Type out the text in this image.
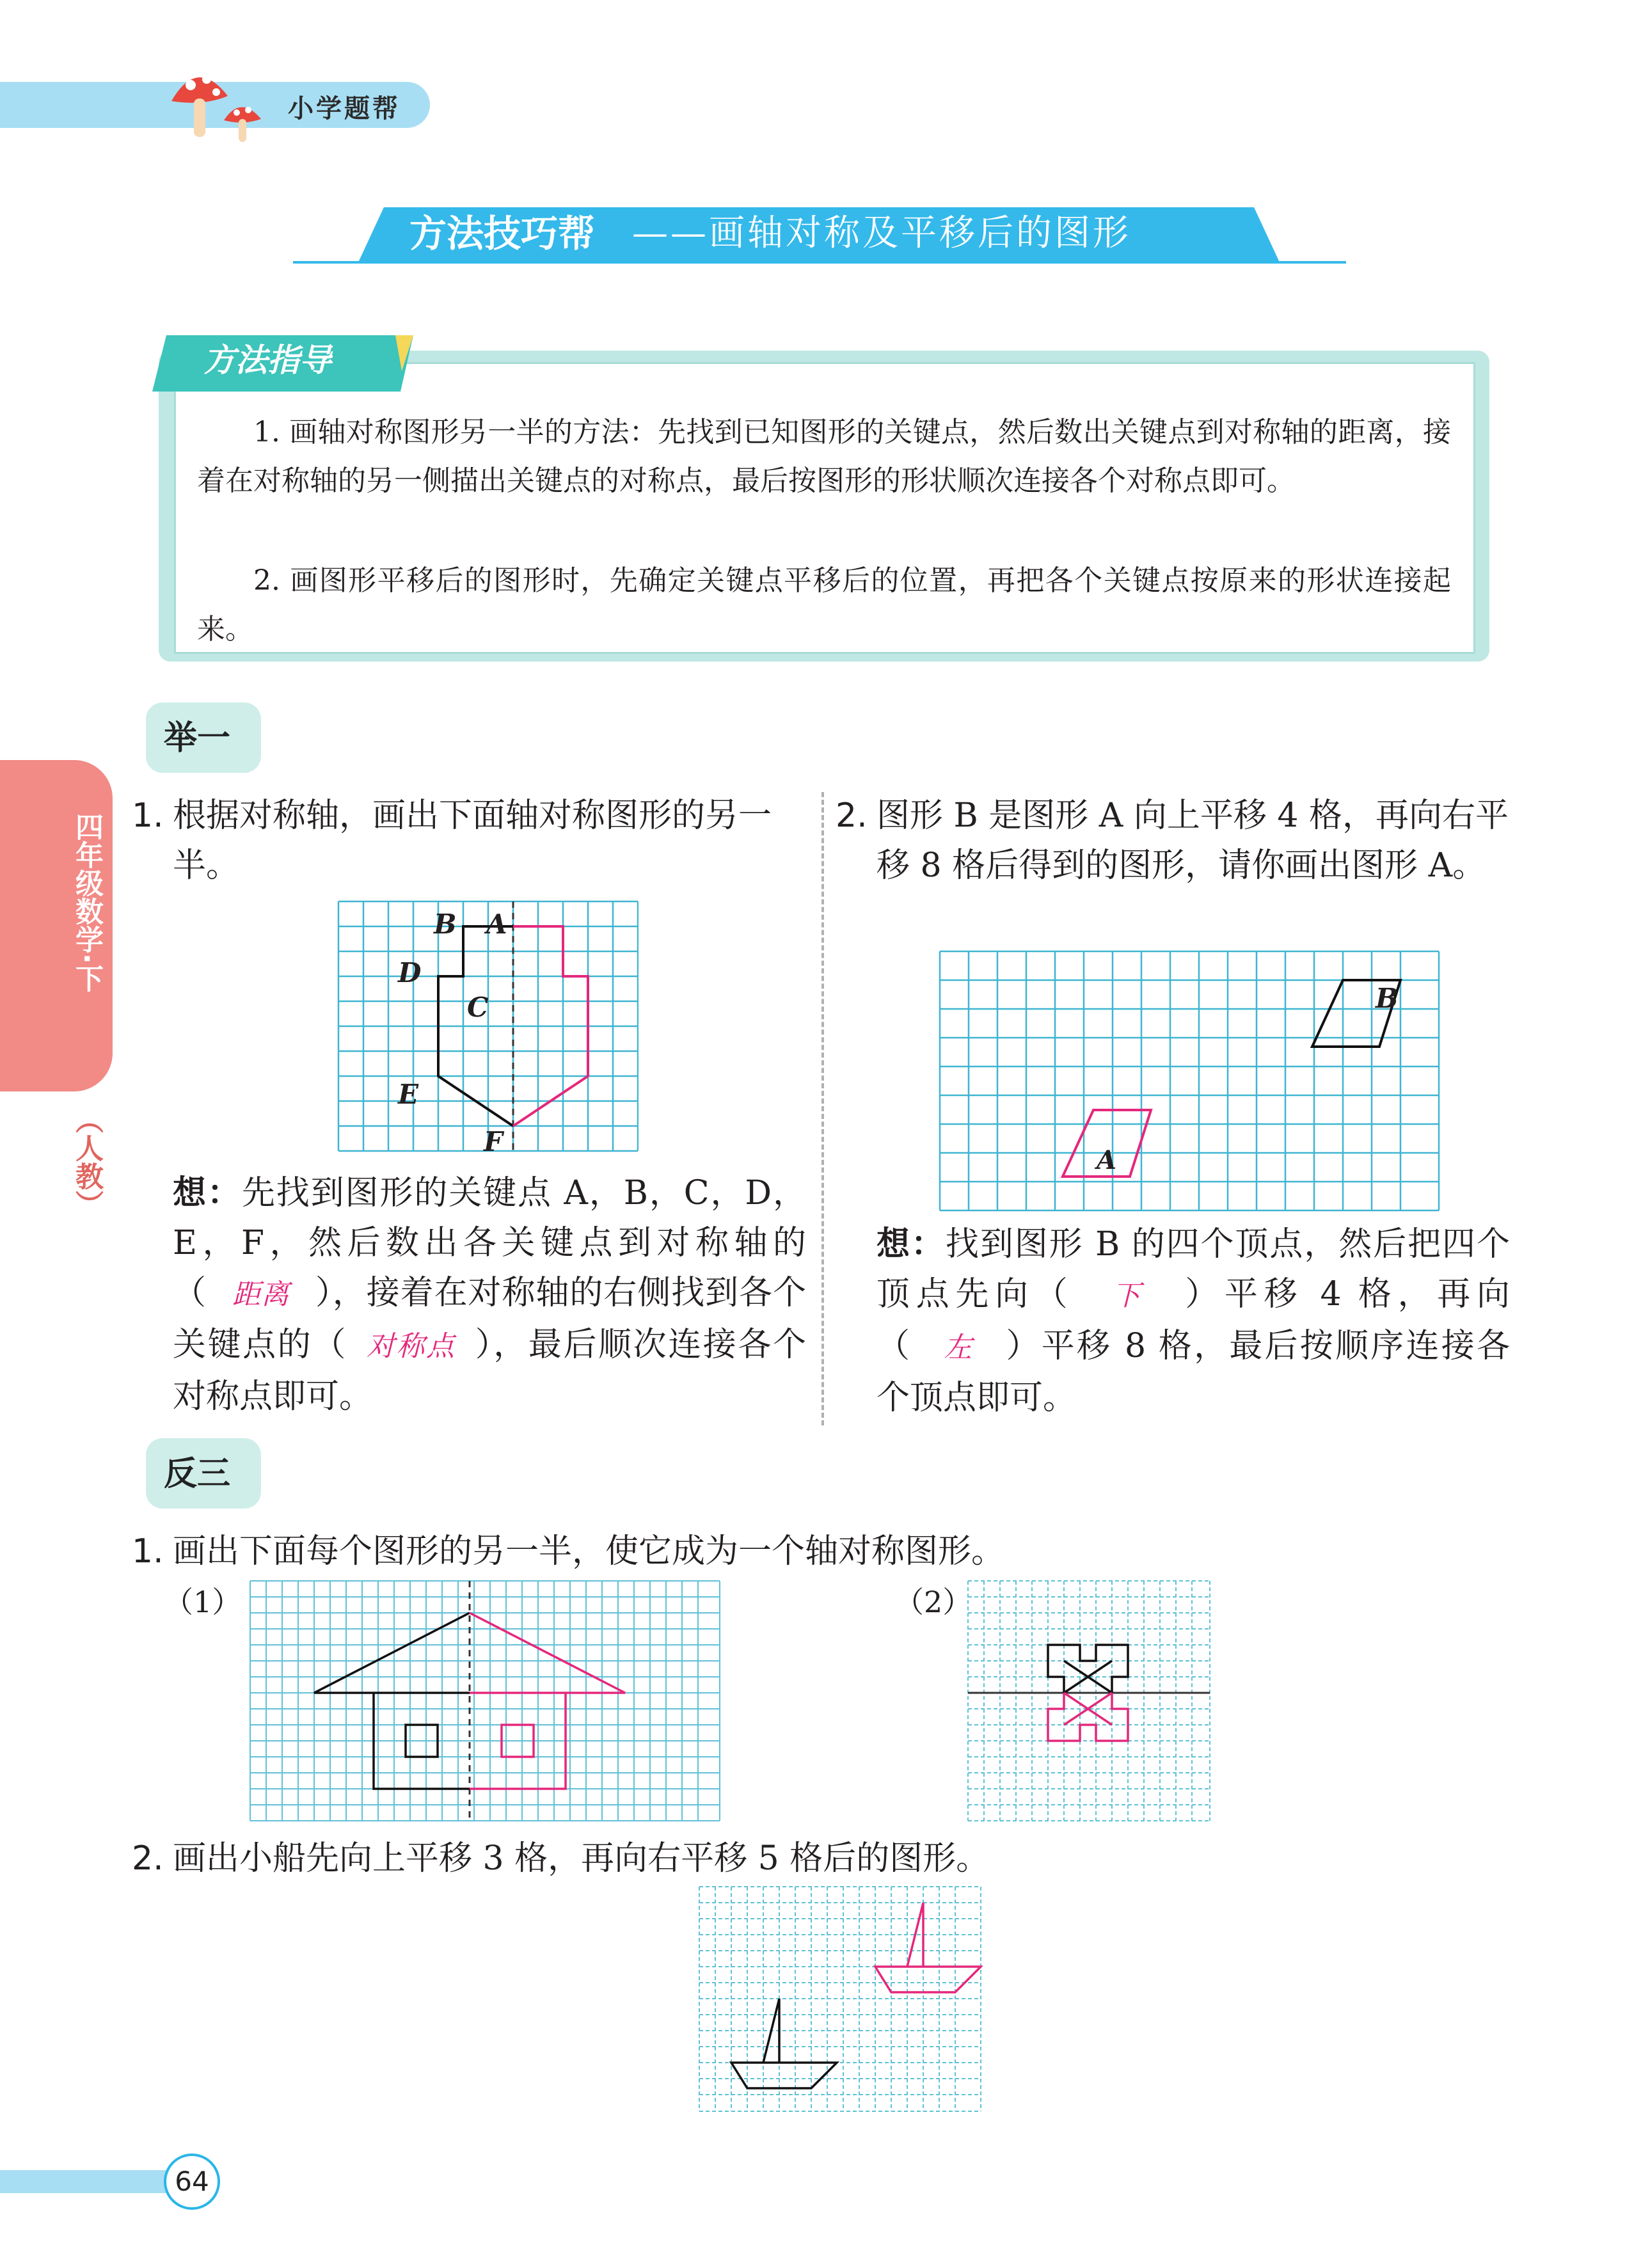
小学题帮
方法技巧帮 ——画轴对称及平移后的图形
方法指导
1. 画轴对称图形另一半的方法：先找到已知图形的关键点，然后数出关键点到对称轴的距离，接着在对称轴的另一侧描出关键点的对称点，最后按图形的形状顺次连接各个对称点即可。
2. 画图形平移后的图形时，先确定关键点平移后的位置，再把各个关键点按原来的形状连接起来。
四年级数学·下
（人教）
举一
1. 根据对称轴，画出下面轴对称图形的另一半。
B A
D
C
E
F
想：先找到图形的关键点 A，B，C，D，E，F，然后数出各关键点到对称轴的（ 距离 ），接着在对称轴的右侧找到各个关键点的（ 对称点 ），最后顺次连接各个对称点即可。
2. 图形 B 是图形 A 向上平移 4 格，再向右平移 8 格后得到的图形，请你画出图形 A。
B
A
想：找到图形 B 的四个顶点，然后把四个顶点先向（ 下 ）平移 4 格，再向（ 左 ）平移 8 格，最后按顺序连接各个顶点即可。
反三
1. 画出下面每个图形的另一半，使它成为一个轴对称图形。
（1）	（2）
2. 画出小船先向上平移 3 格，再向右平移 5 格后的图形。
64
